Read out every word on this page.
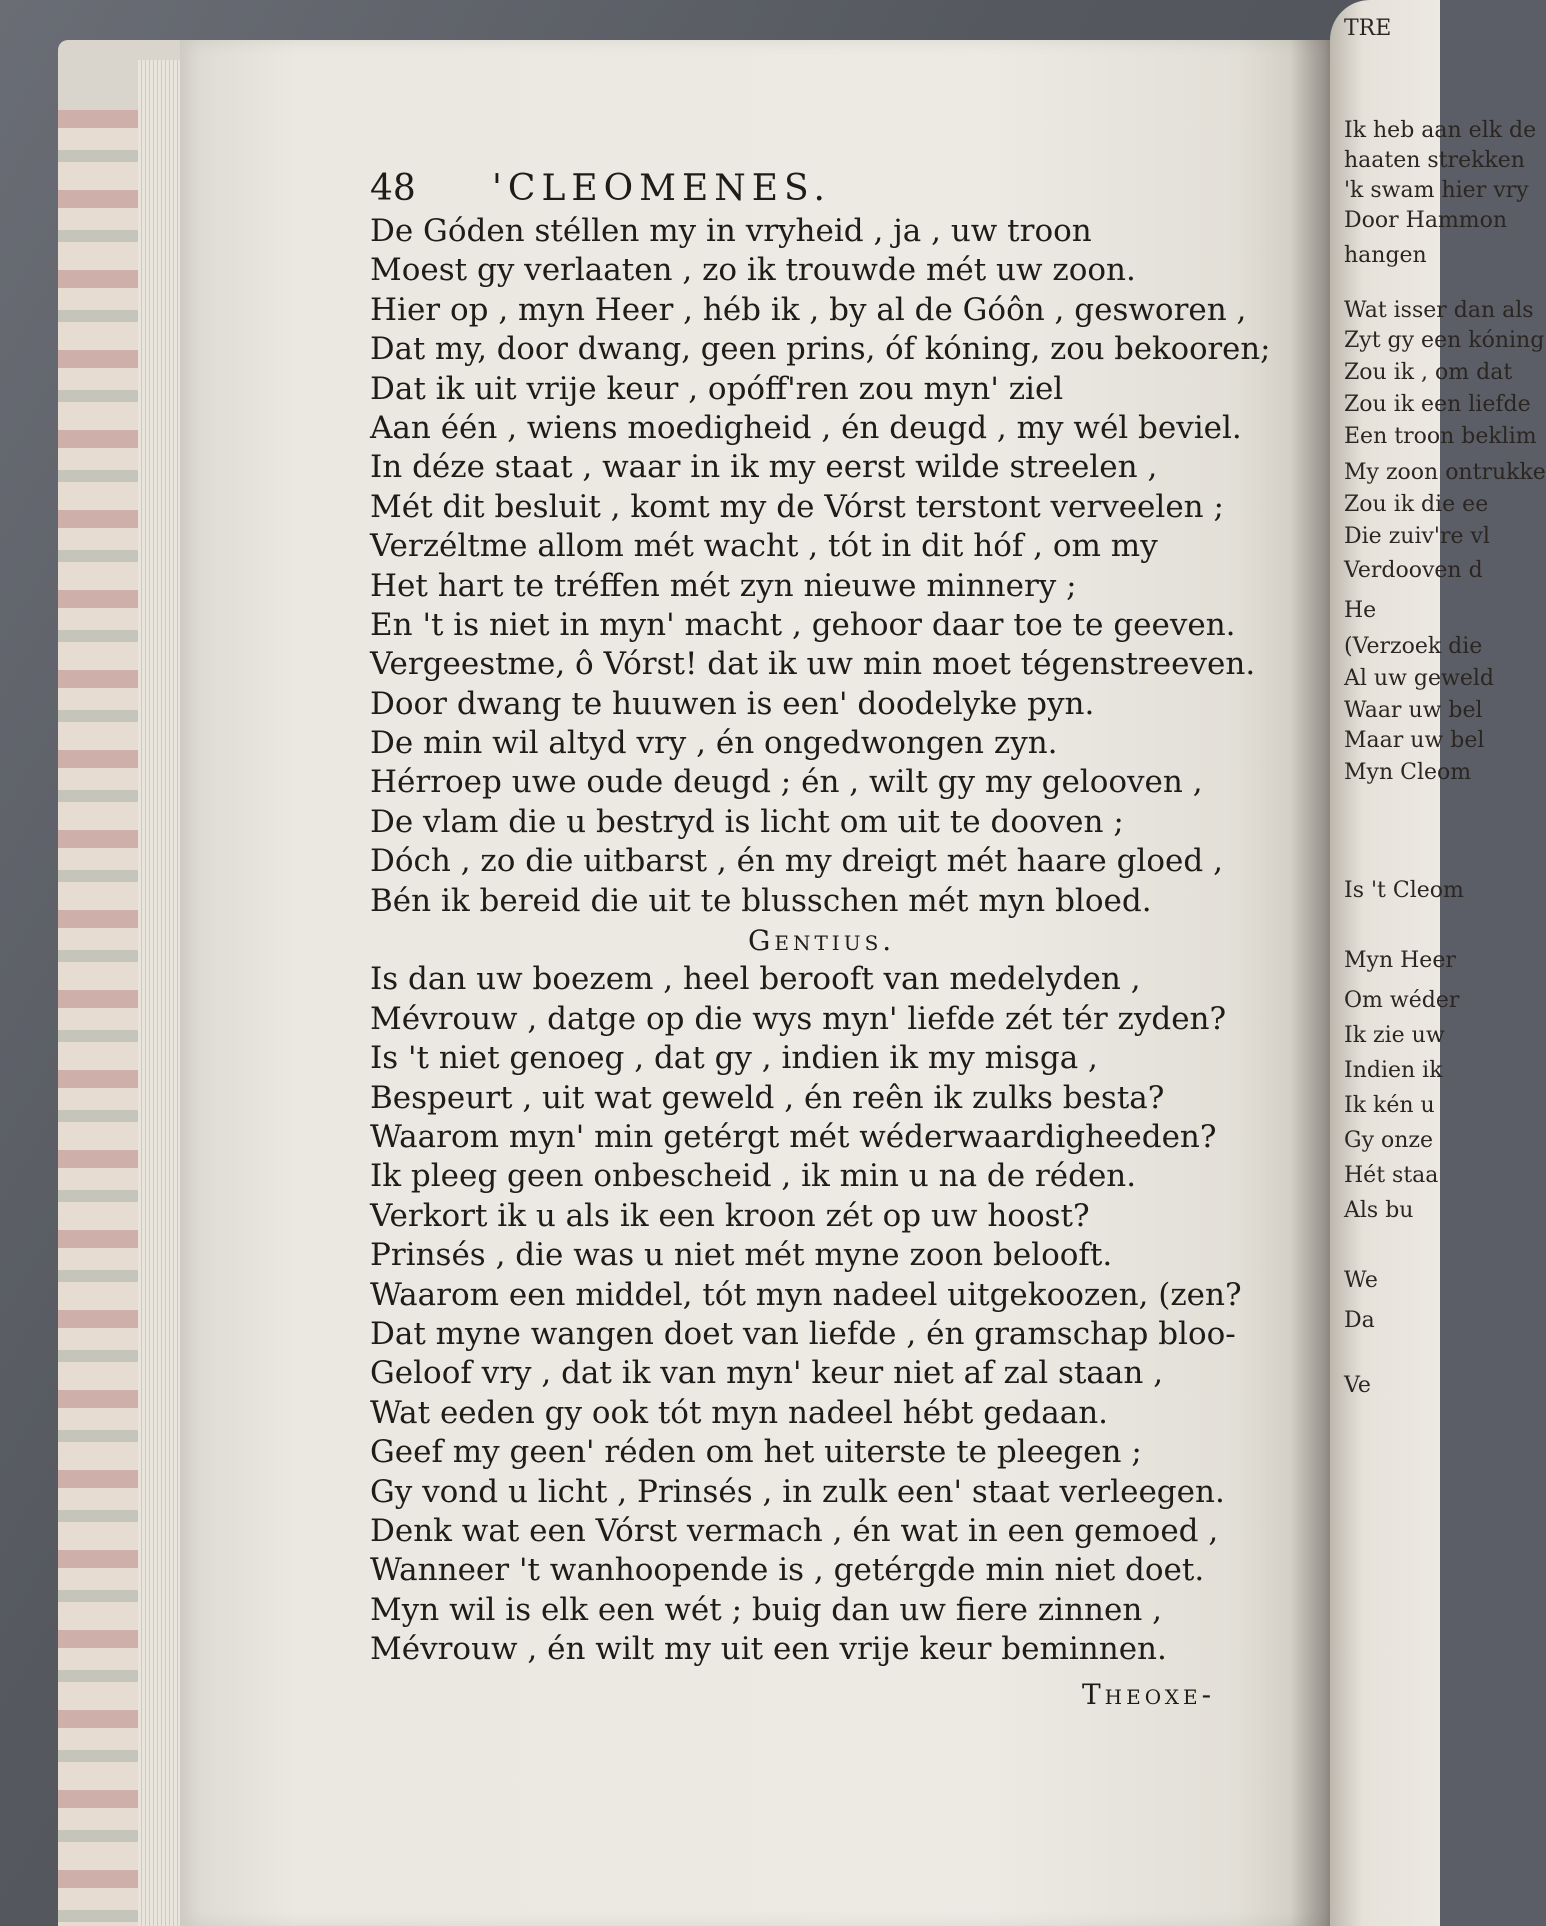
TRE
Ik heb aan elk de
haaten strekken
'k swam hier vry
Door Hammon
hangen
Wat isser dan als
Zyt gy een kóning
Zou ik , om dat
Zou ik een liefde
Een troon beklim
My zoon ontrukke
Zou ik die ee
Die zuiv're vl
Verdooven d
He
(Verzoek die
Al uw geweld
Waar uw bel
Maar uw bel
Myn Cleom
Is 't Cleom
Myn Heer
Om wéder
Ik zie uw
Indien ik
Ik kén u
Gy onze
Hét staa
Als bu
We
Da
Ve
48 'CLEOMENES.
De Góden stéllen my in vryheid , ja , uw troon
Moest gy verlaaten , zo ik trouwde mét uw zoon.
Hier op , myn Heer , héb ik , by al de Góôn , gesworen ,
Dat my, door dwang, geen prins, óf kóning, zou bekooren;
Dat ik uit vrije keur , opóff'ren zou myn' ziel
Aan één , wiens moedigheid , én deugd , my wél beviel.
In déze staat , waar in ik my eerst wilde streelen ,
Mét dit besluit , komt my de Vórst terstont verveelen ;
Verzéltme allom mét wacht , tót in dit hóf , om my
Het hart te tréffen mét zyn nieuwe minnery ;
En 't is niet in myn' macht , gehoor daar toe te geeven.
Vergeestme, ô Vórst! dat ik uw min moet tégenstreeven.
Door dwang te huuwen is een' doodelyke pyn.
De min wil altyd vry , én ongedwongen zyn.
Hérroep uwe oude deugd ; én , wilt gy my gelooven ,
De vlam die u bestryd is licht om uit te dooven ;
Dóch , zo die uitbarst , én my dreigt mét haare gloed ,
Bén ik bereid die uit te blusschen mét myn bloed.
Gentius.
Is dan uw boezem , heel berooft van medelyden ,
Mévrouw , datge op die wys myn' liefde zét tér zyden?
Is 't niet genoeg , dat gy , indien ik my misga ,
Bespeurt , uit wat geweld , én reên ik zulks besta?
Waarom myn' min getérgt mét wéderwaardigheeden?
Ik pleeg geen onbescheid , ik min u na de réden.
Verkort ik u als ik een kroon zét op uw hoost?
Prinsés , die was u niet mét myne zoon belooft.
Waarom een middel, tót myn nadeel uitgekoozen, (zen?
Dat myne wangen doet van liefde , én gramschap bloo-
Geloof vry , dat ik van myn' keur niet af zal staan ,
Wat eeden gy ook tót myn nadeel hébt gedaan.
Geef my geen' réden om het uiterste te pleegen ;
Gy vond u licht , Prinsés , in zulk een' staat verleegen.
Denk wat een Vórst vermach , én wat in een gemoed ,
Wanneer 't wanhoopende is , getérgde min niet doet.
Myn wil is elk een wét ; buig dan uw fiere zinnen ,
Mévrouw , én wilt my uit een vrije keur beminnen.
Theoxe-
